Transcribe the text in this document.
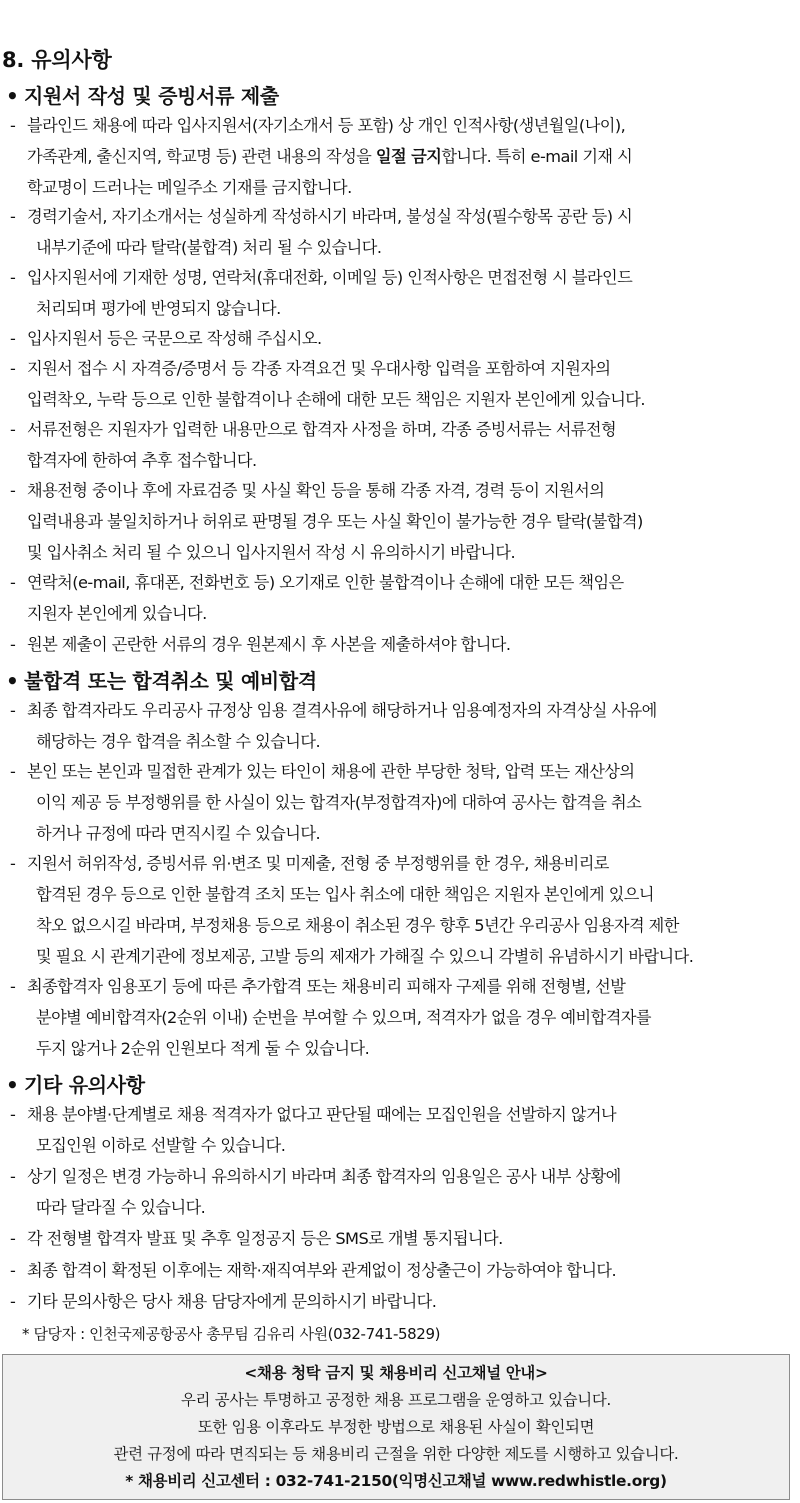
8. 유의사항
• 지원서 작성 및 증빙서류 제출
- 블라인드 채용에 따라 입사지원서(자기소개서 등 포함) 상 개인 인적사항(생년월일(나이),
가족관계, 출신지역, 학교명 등) 관련 내용의 작성을 일절 금지합니다. 특히 e-mail 기재 시
학교명이 드러나는 메일주소 기재를 금지합니다.
- 경력기술서, 자기소개서는 성실하게 작성하시기 바라며, 불성실 작성(필수항목 공란 등) 시
내부기준에 따라 탈락(불합격) 처리 될 수 있습니다.
- 입사지원서에 기재한 성명, 연락처(휴대전화, 이메일 등) 인적사항은 면접전형 시 블라인드
처리되며 평가에 반영되지 않습니다.
- 입사지원서 등은 국문으로 작성해 주십시오.
- 지원서 접수 시 자격증/증명서 등 각종 자격요건 및 우대사항 입력을 포함하여 지원자의
입력착오, 누락 등으로 인한 불합격이나 손해에 대한 모든 책임은 지원자 본인에게 있습니다.
- 서류전형은 지원자가 입력한 내용만으로 합격자 사정을 하며, 각종 증빙서류는 서류전형
합격자에 한하여 추후 접수합니다.
- 채용전형 중이나 후에 자료검증 및 사실 확인 등을 통해 각종 자격, 경력 등이 지원서의
입력내용과 불일치하거나 허위로 판명될 경우 또는 사실 확인이 불가능한 경우 탈락(불합격)
및 입사취소 처리 될 수 있으니 입사지원서 작성 시 유의하시기 바랍니다.
- 연락처(e-mail, 휴대폰, 전화번호 등) 오기재로 인한 불합격이나 손해에 대한 모든 책임은
지원자 본인에게 있습니다.
- 원본 제출이 곤란한 서류의 경우 원본제시 후 사본을 제출하셔야 합니다.
• 불합격 또는 합격취소 및 예비합격
- 최종 합격자라도 우리공사 규정상 임용 결격사유에 해당하거나 임용예정자의 자격상실 사유에
해당하는 경우 합격을 취소할 수 있습니다.
- 본인 또는 본인과 밀접한 관계가 있는 타인이 채용에 관한 부당한 청탁, 압력 또는 재산상의
이익 제공 등 부정행위를 한 사실이 있는 합격자(부정합격자)에 대하여 공사는 합격을 취소
하거나 규정에 따라 면직시킬 수 있습니다.
- 지원서 허위작성, 증빙서류 위·변조 및 미제출, 전형 중 부정행위를 한 경우, 채용비리로
합격된 경우 등으로 인한 불합격 조치 또는 입사 취소에 대한 책임은 지원자 본인에게 있으니
착오 없으시길 바라며, 부정채용 등으로 채용이 취소된 경우 향후 5년간 우리공사 임용자격 제한
및 필요 시 관계기관에 정보제공, 고발 등의 제재가 가해질 수 있으니 각별히 유념하시기 바랍니다.
- 최종합격자 임용포기 등에 따른 추가합격 또는 채용비리 피해자 구제를 위해 전형별, 선발
분야별 예비합격자(2순위 이내) 순번을 부여할 수 있으며, 적격자가 없을 경우 예비합격자를
두지 않거나 2순위 인원보다 적게 둘 수 있습니다.
• 기타 유의사항
- 채용 분야별·단계별로 채용 적격자가 없다고 판단될 때에는 모집인원을 선발하지 않거나
모집인원 이하로 선발할 수 있습니다.
- 상기 일정은 변경 가능하니 유의하시기 바라며 최종 합격자의 임용일은 공사 내부 상황에
따라 달라질 수 있습니다.
- 각 전형별 합격자 발표 및 추후 일정공지 등은 SMS로 개별 통지됩니다.
- 최종 합격이 확정된 이후에는 재학·재직여부와 관계없이 정상출근이 가능하여야 합니다.
- 기타 문의사항은 당사 채용 담당자에게 문의하시기 바랍니다.
* 담당자 : 인천국제공항공사 총무팀 김유리 사원(032-741-5829)
<채용 청탁 금지 및 채용비리 신고채널 안내>
우리 공사는 투명하고 공정한 채용 프로그램을 운영하고 있습니다.
또한 임용 이후라도 부정한 방법으로 채용된 사실이 확인되면
관련 규정에 따라 면직되는 등 채용비리 근절을 위한 다양한 제도를 시행하고 있습니다.
* 채용비리 신고센터 : 032-741-2150(익명신고채널 www.redwhistle.org)
